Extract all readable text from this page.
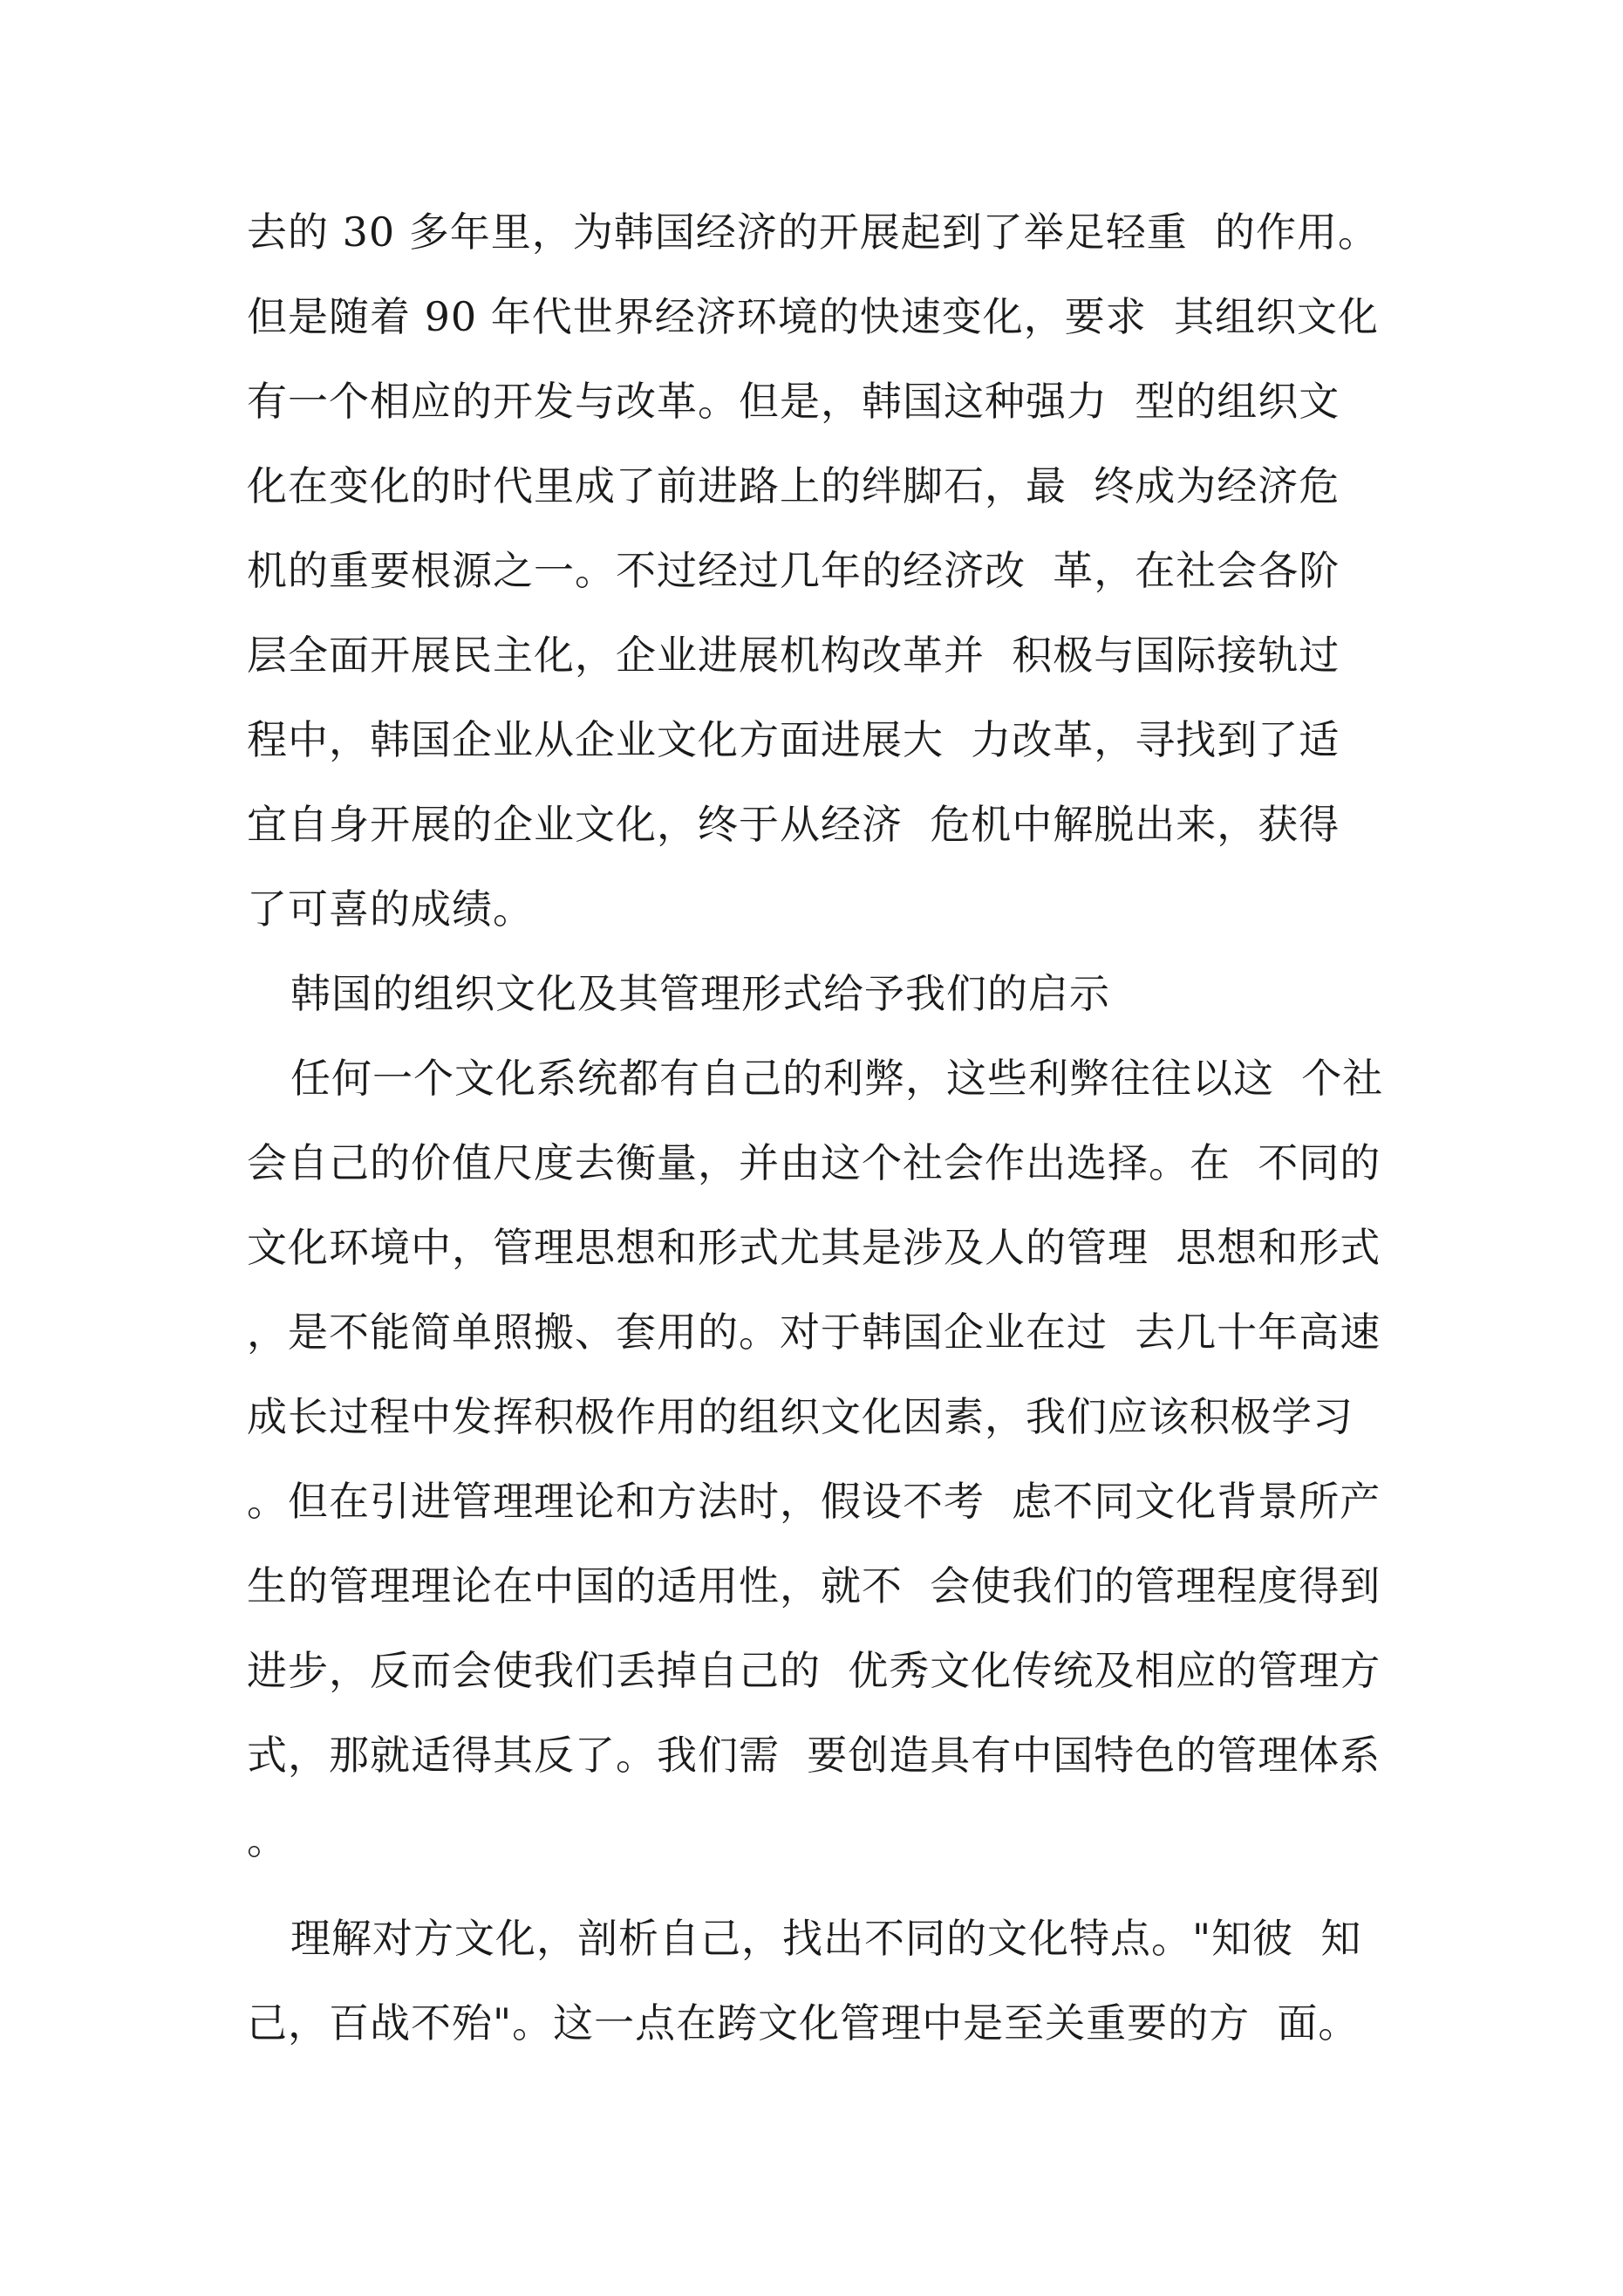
去的 30 多年里，为韩国经济的开展起到了举足轻重  的作用。
但是随着 90 年代世界经济环境的快速变化，要求  其组织文化
有一个相应的开发与改革。但是，韩国这种强力  型的组织文
化在变化的时代里成了前进路上的绊脚石，最  终成为经济危
机的重要根源之一。不过经过几年的经济改  革，在社会各阶
层全面开展民主化，企业进展机构改革并  积极与国际接轨过
程中，韩国企业从企业文化方面进展大  力改革，寻找到了适
宜自身开展的企业文化，终于从经济  危机中解脱出来，获得
了可喜的成绩。
韩国的组织文化及其管理形式给予我们的启示
任何一个文化系统都有自己的利弊，这些利弊往往以这  个社
会自己的价值尺度去衡量，并由这个社会作出选择。在  不同的
文化环境中，管理思想和形式尤其是涉及人的管理  思想和形式
，是不能简单照搬、套用的。对于韩国企业在过  去几十年高速
成长过程中发挥积极作用的组织文化因素，我们应该积极学习
。但在引进管理理论和方法时，假设不考  虑不同文化背景所产
生的管理理论在中国的适用性，就不  会使我们的管理程度得到
进步，反而会使我们丢掉自己的  优秀文化传统及相应的管理方
式，那就适得其反了。我们需  要创造具有中国特色的管理体系
。
理解对方文化，剖析自己，找出不同的文化特点。"知彼  知
己，百战不殆"。这一点在跨文化管理中是至关重要的方  面。
